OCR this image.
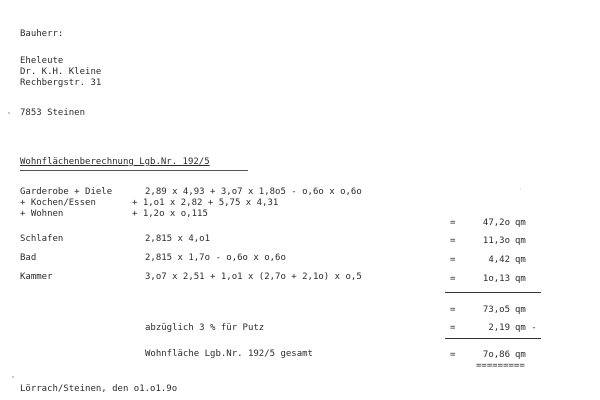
Bauherr:
Eheleute
Dr. K.H. Kleine
Rechbergstr. 31
7853 Steinen
Wohnflächenberechnung Lgb.Nr. 192/5
Garderobe + Diele	2,89 x 4,93 + 3,o7 x 1,8o5 - o,6o x o,6o
+ Kochen/Essen	+ 1,o1 x 2,82 + 5,75 x 4,31
+ Wohnen	+ 1,2o x o,115
=	47,2o qm
Schlafen	2,815 x 4,o1	=	11,3o qm
Bad	2,815 x 1,7o - o,6o x o,6o	=	4,42 qm
Kammer	3,o7 x 2,51 + 1,o1 x (2,7o + 2,1o) x o,5	=	1o,13 qm
=	73,o5 qm
abzüglich 3 % für Putz	=	2,19 qm -
Wohnfläche Lgb.Nr. 192/5 gesamt	=	7o,86 qm
=========
Lörrach/Steinen, den o1.o1.9o
